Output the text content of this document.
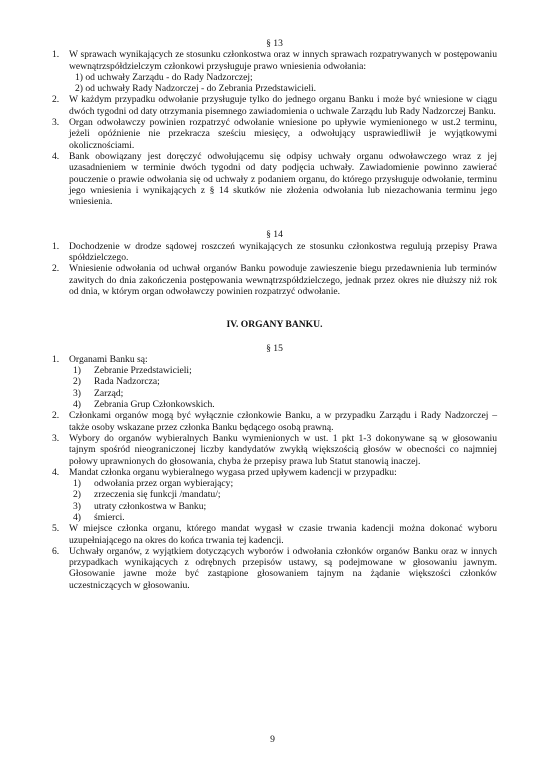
§ 13
1.	W sprawach wynikających ze stosunku członkostwa oraz w innych sprawach rozpatrywanych w postępowaniu wewnątrzspółdzielczym członkowi przysługuje prawo wniesienia odwołania:
1) od uchwały Zarządu - do Rady Nadzorczej;
2) od uchwały Rady Nadzorczej - do Zebrania Przedstawicieli.
2.	W każdym przypadku odwołanie przysługuje tylko do jednego organu Banku i może być wniesione w ciągu dwóch tygodni od daty otrzymania pisemnego zawiadomienia o uchwale Zarządu lub Rady Nadzorczej Banku.
3.	Organ odwoławczy powinien rozpatrzyć odwołanie wniesione po upływie wymienionego w ust.2 terminu, jeżeli opóźnienie nie przekracza sześciu miesięcy, a odwołujący usprawiedliwił je wyjątkowymi okolicznościami.
4.	Bank obowiązany jest doręczyć odwołującemu się odpisy uchwały organu odwoławczego wraz z jej uzasadnieniem w terminie dwóch tygodni od daty podjęcia uchwały. Zawiadomienie powinno zawierać pouczenie o prawie odwołania się od uchwały z podaniem organu, do którego przysługuje odwołanie, terminu jego wniesienia i wynikających z § 14 skutków nie złożenia odwołania lub niezachowania terminu jego wniesienia.
§ 14
1.	Dochodzenie w drodze sądowej roszczeń wynikających ze stosunku członkostwa regulują przepisy Prawa spółdzielczego.
2.	Wniesienie odwołania od uchwał organów Banku powoduje zawieszenie biegu przedawnienia lub terminów zawitych do dnia zakończenia postępowania wewnątrzspółdzielczego, jednak przez okres nie dłuższy niż rok od dnia, w którym organ odwoławczy powinien rozpatrzyć odwołanie.
IV. ORGANY BANKU.
§ 15
1.	Organami Banku są:
1)	Zebranie Przedstawicieli;
2)	Rada Nadzorcza;
3)	Zarząd;
4)	Zebrania Grup Członkowskich.
2.	Członkami organów mogą być wyłącznie członkowie Banku, a w przypadku Zarządu i Rady Nadzorczej – także osoby wskazane przez członka Banku będącego osobą prawną.
3.	Wybory do organów wybieralnych Banku wymienionych w ust. 1 pkt 1-3 dokonywane są w głosowaniu tajnym spośród nieograniczonej liczby kandydatów zwykłą większością głosów w obecności co najmniej połowy uprawnionych do głosowania, chyba że przepisy prawa lub Statut stanowią inaczej.
4.	Mandat członka organu wybieralnego wygasa przed upływem kadencji w przypadku:
1)	odwołania przez organ wybierający;
2)	zrzeczenia się funkcji /mandatu/;
3)	utraty członkostwa w Banku;
4)	śmierci.
5.	W miejsce członka organu, którego mandat wygasł w czasie trwania kadencji można dokonać wyboru uzupełniającego na okres do końca trwania tej kadencji.
6.	Uchwały organów, z wyjątkiem dotyczących wyborów i odwołania członków organów Banku oraz w innych przypadkach wynikających z odrębnych przepisów ustawy, są podejmowane w głosowaniu jawnym. Głosowanie jawne może być zastąpione głosowaniem tajnym na żądanie większości członków uczestniczących w głosowaniu.
9
